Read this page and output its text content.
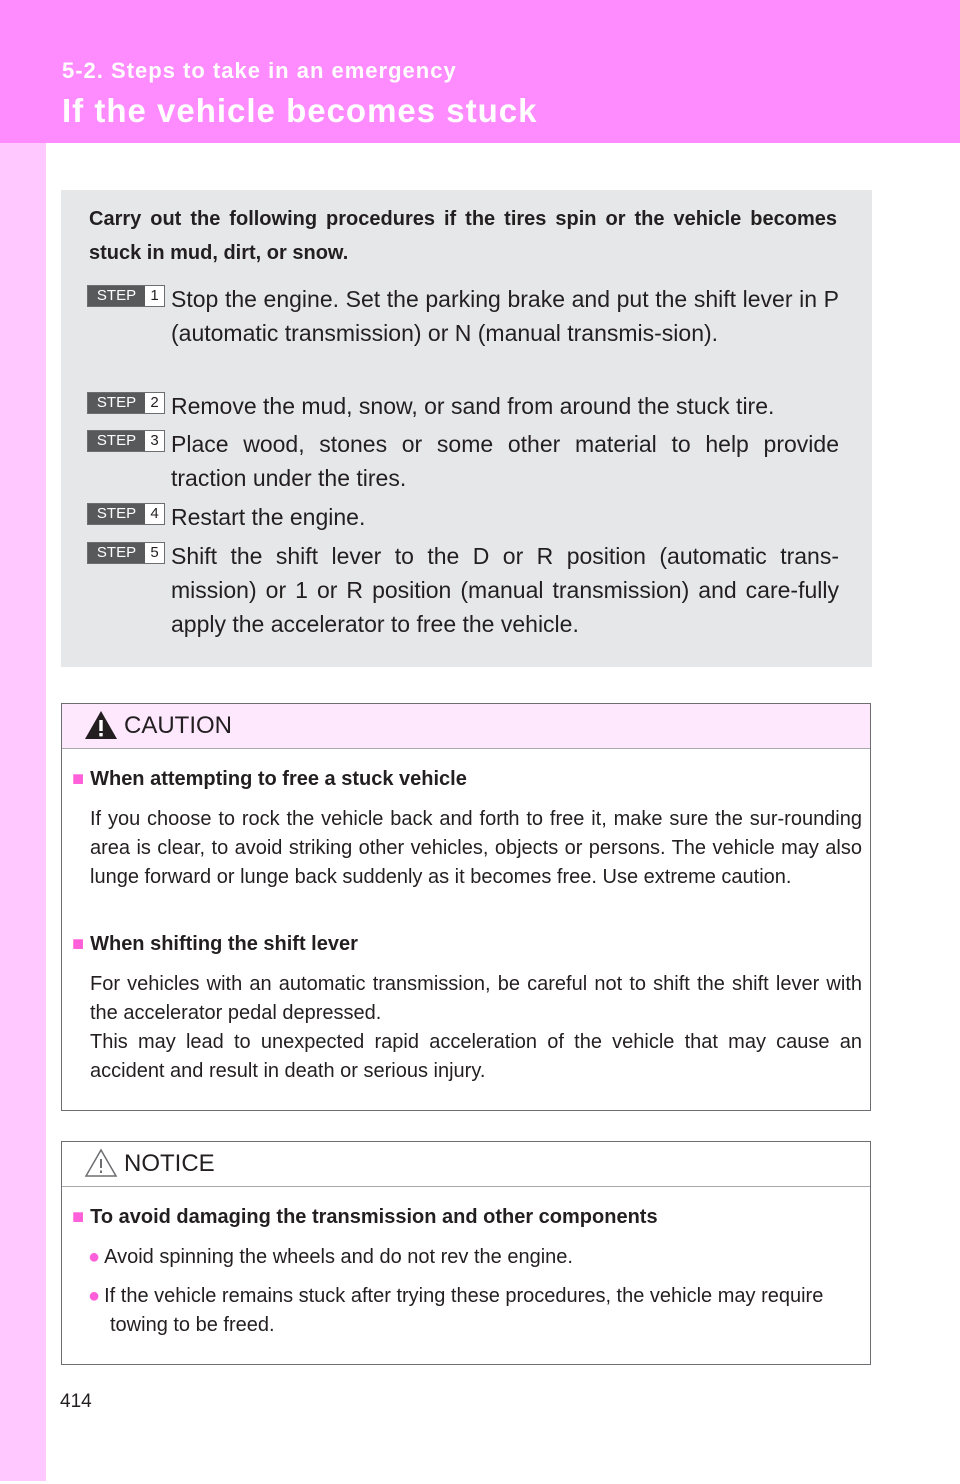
5-2. Steps to take in an emergency
If the vehicle becomes stuck
Carry out the following procedures if the tires spin or the vehicle becomes stuck in mud, dirt, or snow.
STEP 1 Stop the engine. Set the parking brake and put the shift lever in P (automatic transmission) or N (manual transmis-sion).
STEP 2 Remove the mud, snow, or sand from around the stuck tire.
STEP 3 Place wood, stones or some other material to help provide traction under the tires.
STEP 4 Restart the engine.
STEP 5 Shift the shift lever to the D or R position (automatic trans-mission) or 1 or R position (manual transmission) and care-fully apply the accelerator to free the vehicle.
CAUTION
■ When attempting to free a stuck vehicle
If you choose to rock the vehicle back and forth to free it, make sure the sur-rounding area is clear, to avoid striking other vehicles, objects or persons. The vehicle may also lunge forward or lunge back suddenly as it becomes free. Use extreme caution.
■ When shifting the shift lever
For vehicles with an automatic transmission, be careful not to shift the shift lever with the accelerator pedal depressed.
This may lead to unexpected rapid acceleration of the vehicle that may cause an accident and result in death or serious injury.
NOTICE
■ To avoid damaging the transmission and other components
● Avoid spinning the wheels and do not rev the engine.
● If the vehicle remains stuck after trying these procedures, the vehicle may require towing to be freed.
414
